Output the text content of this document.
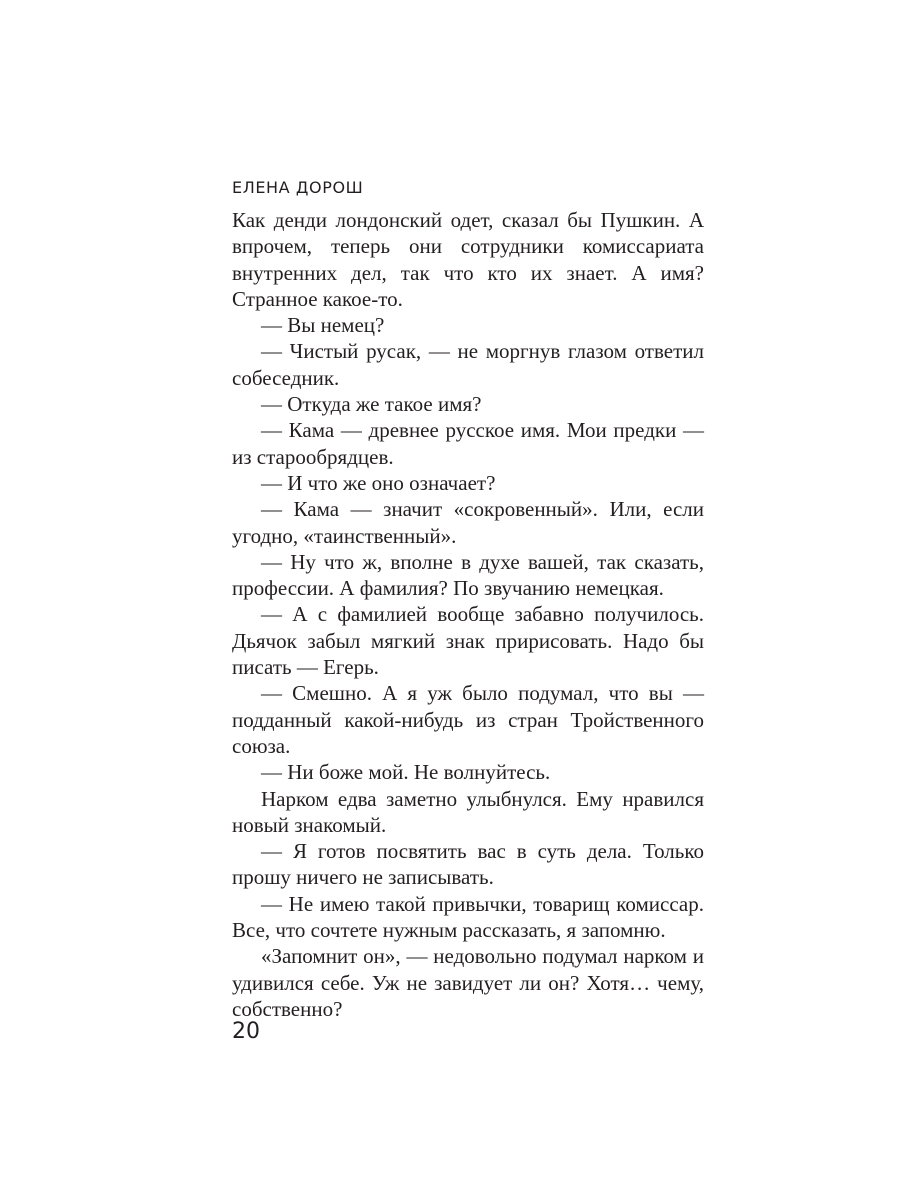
ЕЛЕНА ДОРОШ

Как денди лондонский одет, сказал бы Пушкин. А впрочем, теперь они сотрудники комиссариата внутренних дел, так что кто их знает. А имя? Странное какое-то.

— Вы немец?

— Чистый русак, — не моргнув глазом ответил собеседник.

— Откуда же такое имя?

— Кама — древнее русское имя. Мои предки — из старообрядцев.

— И что же оно означает?

— Кама — значит «сокровенный». Или, если угодно, «таинственный».

— Ну что ж, вполне в духе вашей, так сказать, профессии. А фамилия? По звучанию немецкая.

— А с фамилией вообще забавно получилось. Дьячок забыл мягкий знак пририсовать. Надо бы писать — Егерь.

— Смешно. А я уж было подумал, что вы — подданный какой-нибудь из стран Тройственного союза.

— Ни боже мой. Не волнуйтесь.

Нарком едва заметно улыбнулся. Ему нравился новый знакомый.

— Я готов посвятить вас в суть дела. Только прошу ничего не записывать.

— Не имею такой привычки, товарищ комиссар. Все, что сочтете нужным рассказать, я запомню.

«Запомнит он», — недовольно подумал нарком и удивился себе. Уж не завидует ли он? Хотя… чему, собственно?

20
